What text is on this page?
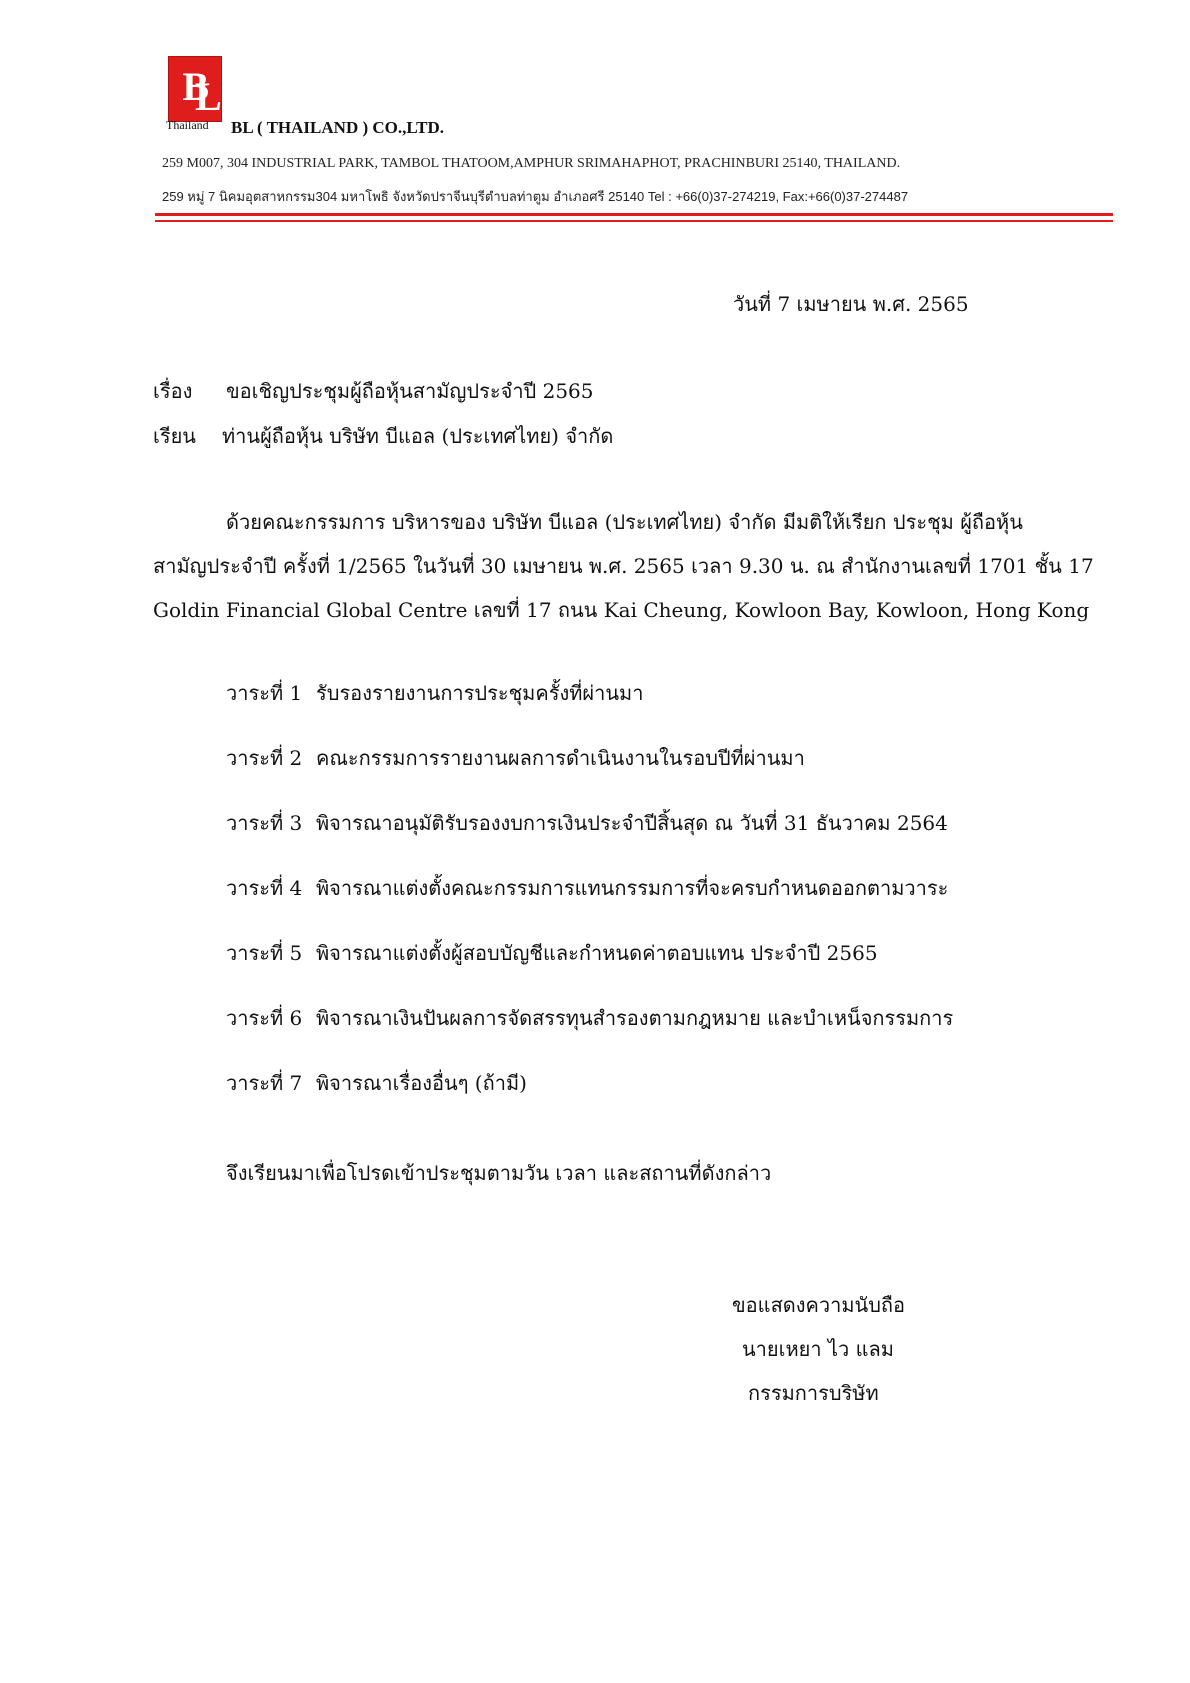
BL
Thailand BL ( THAILAND ) CO.,LTD.
259 M007, 304 INDUSTRIAL PARK, TAMBOL THATOOM,AMPHUR SRIMAHAPHOT, PRACHINBURI 25140, THAILAND.
259 หมู่ 7 นิคมอุตสาหกรรม304 มหาโพธิ จังหวัดปราจีนบุรีตำบลท่าตูม อำเภอศรี 25140 Tel : +66(0)37-274219, Fax:+66(0)37-274487
วันที่ 7 เมษายน พ.ศ. 2565
เรื่อง ขอเชิญประชุมผู้ถือหุ้นสามัญประจำปี 2565
เรียน ท่านผู้ถือหุ้น บริษัท บีแอล (ประเทศไทย) จำกัด
ด้วยคณะกรรมการ บริหารของ บริษัท บีแอล (ประเทศไทย) จำกัด มีมติให้เรียก ประชุม ผู้ถือหุ้น
สามัญประจำปี ครั้งที่ 1/2565 ในวันที่ 30 เมษายน พ.ศ. 2565 เวลา 9.30 น. ณ สำนักงานเลขที่ 1701 ชั้น 17
Goldin Financial Global Centre เลขที่ 17 ถนน Kai Cheung, Kowloon Bay, Kowloon, Hong Kong
วาระที่ 1 รับรองรายงานการประชุมครั้งที่ผ่านมา
วาระที่ 2 คณะกรรมการรายงานผลการดำเนินงานในรอบปีที่ผ่านมา
วาระที่ 3 พิจารณาอนุมัติรับรองงบการเงินประจำปีสิ้นสุด ณ วันที่ 31 ธันวาคม 2564
วาระที่ 4 พิจารณาแต่งตั้งคณะกรรมการแทนกรรมการที่จะครบกำหนดออกตามวาระ
วาระที่ 5 พิจารณาแต่งตั้งผู้สอบบัญชีและกำหนดค่าตอบแทน ประจำปี 2565
วาระที่ 6 พิจารณาเงินปันผลการจัดสรรทุนสำรองตามกฎหมาย และบำเหน็จกรรมการ
วาระที่ 7 พิจารณาเรื่องอื่นๆ (ถ้ามี)
จึงเรียนมาเพื่อโปรดเข้าประชุมตามวัน เวลา และสถานที่ดังกล่าว
ขอแสดงความนับถือ
นายเหยา ไว แลม
กรรมการบริษัท
